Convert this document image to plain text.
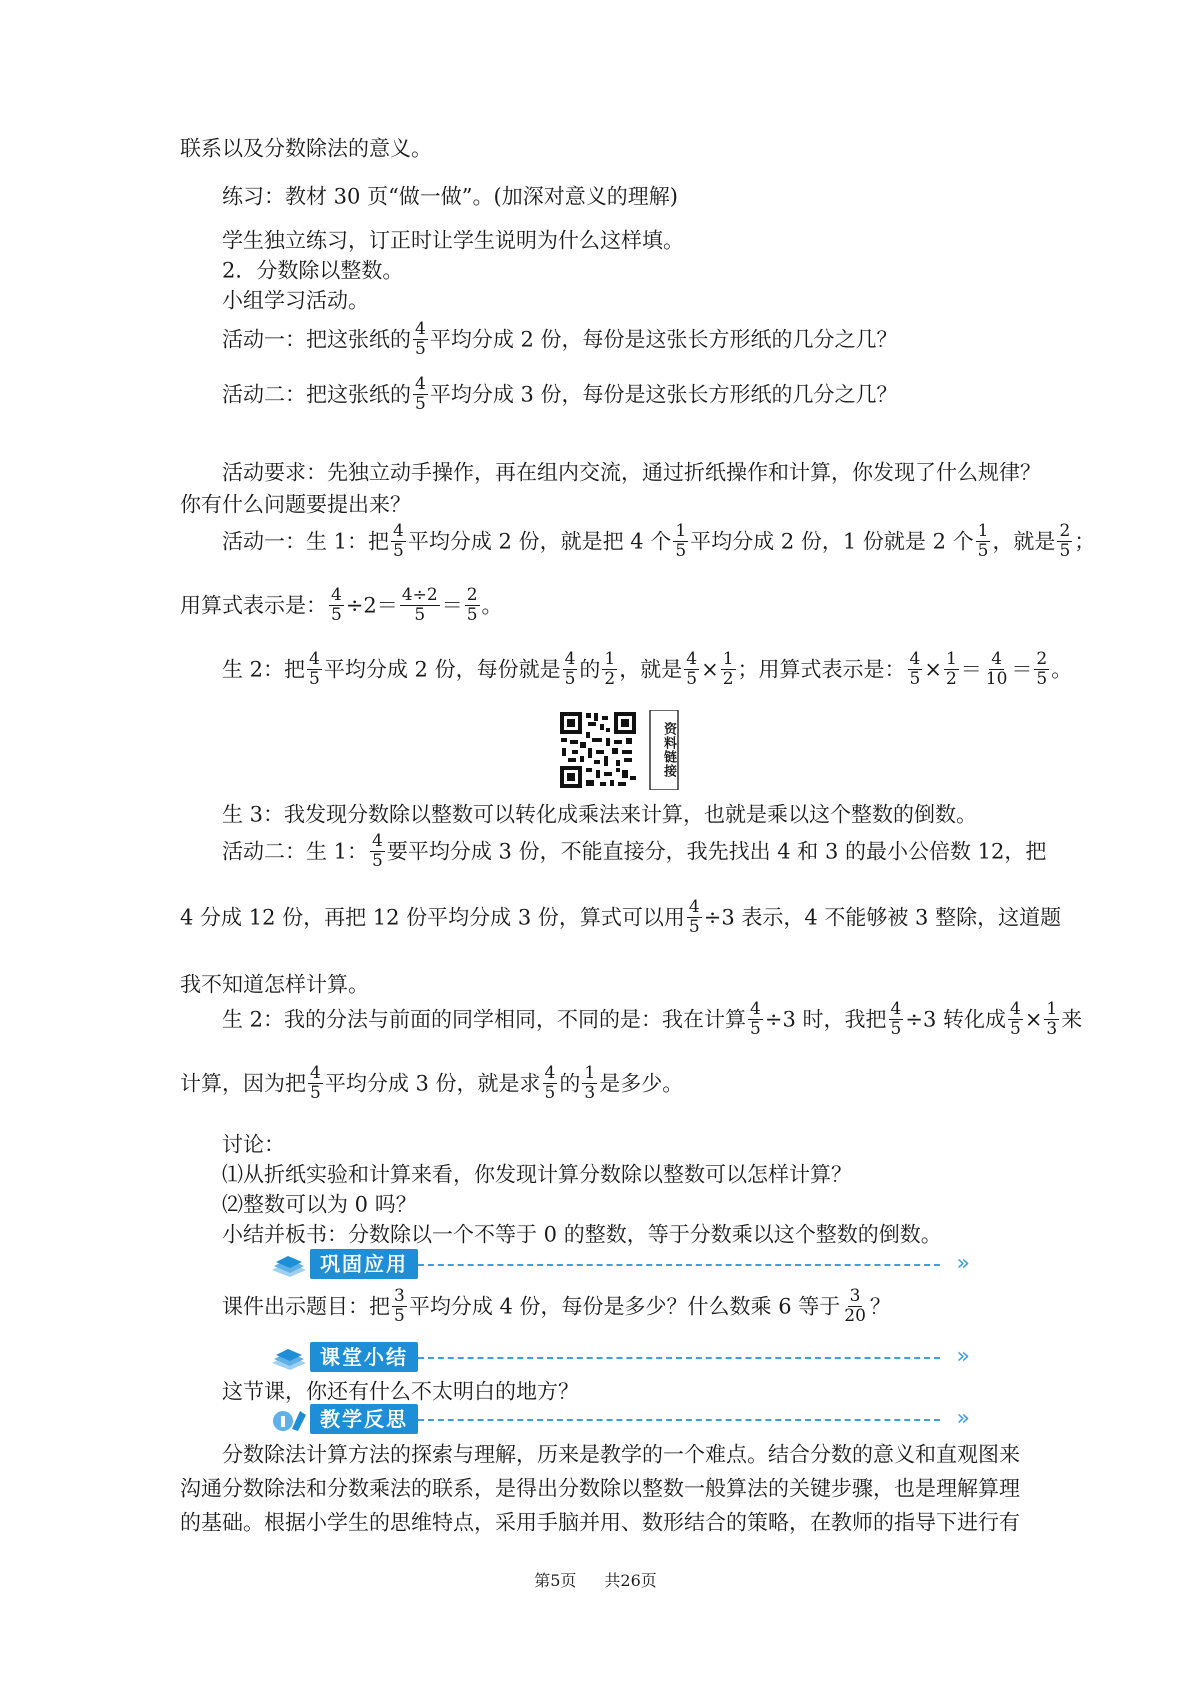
联系以及分数除法的意义。
练习：教材 30 页“做一做”。(加深对意义的理解)
学生独立练习，订正时让学生说明为什么这样填。
2．分数除以整数。
小组学习活动。
活动一：把这张纸的 $\frac{4}{5}$ 平均分成 2 份，每份是这张长方形纸的几分之几？
活动二：把这张纸的 $\frac{4}{5}$ 平均分成 3 份，每份是这张长方形纸的几分之几？
活动要求：先独立动手操作，再在组内交流，通过折纸操作和计算，你发现了什么规律？
你有什么问题要提出来？
活动一：生 1：把 $\frac{4}{5}$ 平均分成 2 份，就是把 4 个 $\frac{1}{5}$ 平均分成 2 份，1 份就是 2 个 $\frac{1}{5}$ ，就是 $\frac{2}{5}$ ；
用算式表示是： $\frac{4}{5} \div 2= \frac{4\div 2}{5} = \frac{2}{5}$ 。
生 2：把 $\frac{4}{5}$ 平均分成 2 份，每份就是 $\frac{4}{5}$ 的 $\frac{1}{2}$ ，就是 $\frac{4}{5} \times \frac{1}{2}$ ；用算式表示是： $\frac{4}{5} \times \frac{1}{2} = \frac{4}{10} = \frac{2}{5}$ 。
资料链接
生 3：我发现分数除以整数可以转化成乘法来计算，也就是乘以这个整数的倒数。
活动二：生 1： $\frac{4}{5}$ 要平均分成 3 份，不能直接分，我先找出 4 和 3 的最小公倍数 12，把
4 分成 12 份，再把 12 份平均分成 3 份，算式可以用 $\frac{4}{5} \div 3$ 表示，4 不能够被 3 整除，这道题
我不知道怎样计算。
生 2：我的分法与前面的同学相同，不同的是：我在计算 $\frac{4}{5} \div 3$ 时，我把 $\frac{4}{5} \div 3$ 转化成 $\frac{4}{5} \times \frac{1}{3}$ 来
计算，因为把 $\frac{4}{5}$ 平均分成 3 份，就是求 $\frac{4}{5}$ 的 $\frac{1}{3}$ 是多少。
讨论：
⑴从折纸实验和计算来看，你发现计算分数除以整数可以怎样计算？
⑵整数可以为 0 吗？
小结并板书：分数除以一个不等于 0 的整数，等于分数乘以这个整数的倒数。
巩固应用	»
课件出示题目：把 $\frac{3}{5}$ 平均分成 4 份，每份是多少？什么数乘 6 等于 $\frac{3}{20}$ ？
课堂小结	»
这节课，你还有什么不太明白的地方？
教学反思	»
分数除法计算方法的探索与理解，历来是教学的一个难点。结合分数的意义和直观图来
沟通分数除法和分数乘法的联系，是得出分数除以整数一般算法的关键步骤，也是理解算理
的基础。根据小学生的思维特点，采用手脑并用、数形结合的策略，在教师的指导下进行有
第5页 共26页
